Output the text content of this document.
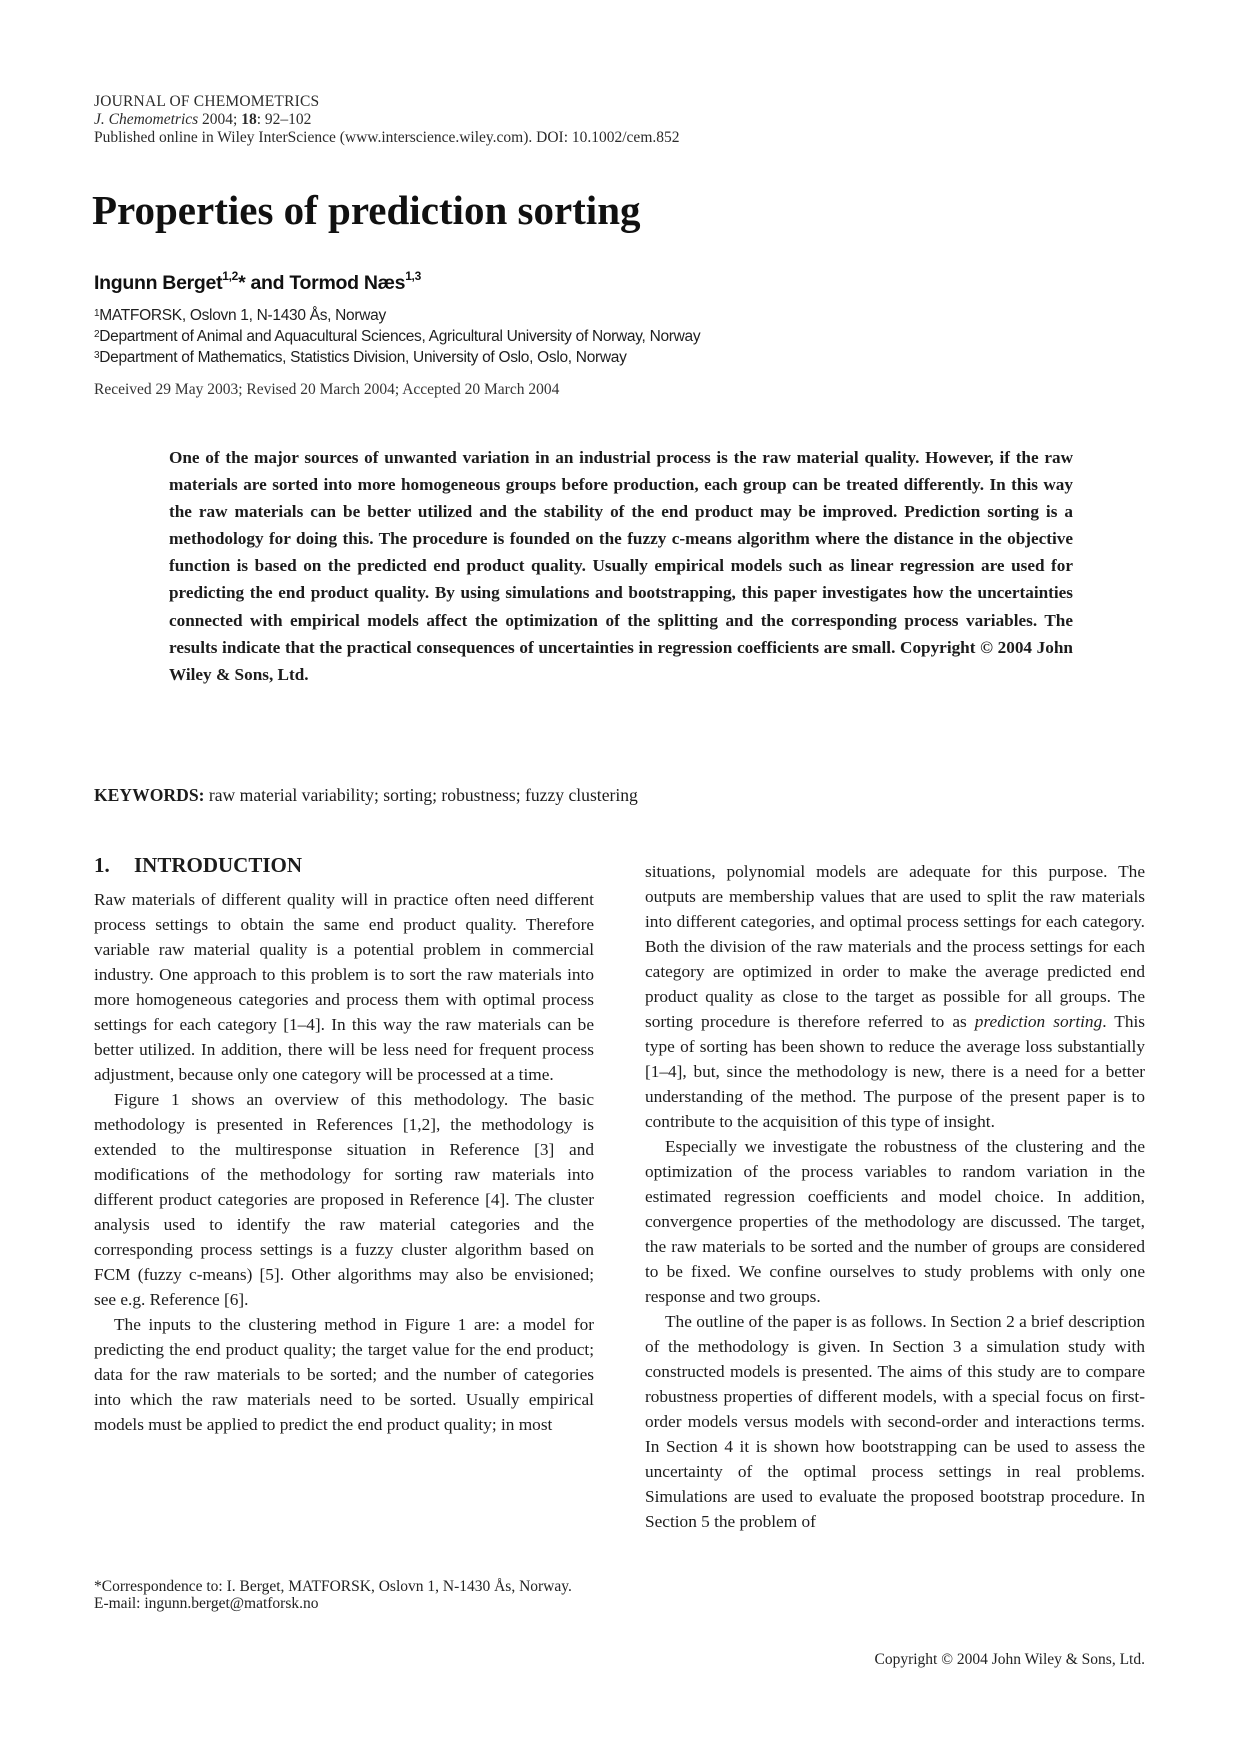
JOURNAL OF CHEMOMETRICS
J. Chemometrics 2004; 18: 92–102
Published online in Wiley InterScience (www.interscience.wiley.com). DOI: 10.1002/cem.852
Properties of prediction sorting
Ingunn Berget$^{1,2}$* and Tormod Næs$^{1,3}$
$^1$MATFORSK, Oslovn 1, N-1430 Ås, Norway
$^2$Department of Animal and Aquacultural Sciences, Agricultural University of Norway, Norway
$^3$Department of Mathematics, Statistics Division, University of Oslo, Oslo, Norway
Received 29 May 2003; Revised 20 March 2004; Accepted 20 March 2004

One of the major sources of unwanted variation in an industrial process is the raw material quality. However, if the raw materials are sorted into more homogeneous groups before production, each group can be treated differently. In this way the raw materials can be better utilized and the stability of the end product may be improved. Prediction sorting is a methodology for doing this. The procedure is founded on the fuzzy c-means algorithm where the distance in the objective function is based on the predicted end product quality. Usually empirical models such as linear regression are used for predicting the end product quality. By using simulations and bootstrapping, this paper investigates how the uncertainties connected with empirical models affect the optimization of the splitting and the corresponding process variables. The results indicate that the practical consequences of uncertainties in regression coefficients are small. Copyright © 2004 John Wiley & Sons, Ltd.

KEYWORDS: raw material variability; sorting; robustness; fuzzy clustering
1. INTRODUCTION

Raw materials of different quality will in practice often need different process settings to obtain the same end product quality. Therefore variable raw material quality is a potential problem in commercial industry. One approach to this problem is to sort the raw materials into more homogeneous categories and process them with optimal process settings for each category [1–4]. In this way the raw materials can be better utilized. In addition, there will be less need for frequent process adjustment, because only one category will be processed at a time.

Figure 1 shows an overview of this methodology. The basic methodology is presented in References [1,2], the methodology is extended to the multiresponse situation in Reference [3] and modifications of the methodology for sorting raw materials into different product categories are proposed in Reference [4]. The cluster analysis used to identify the raw material categories and the corresponding process settings is a fuzzy cluster algorithm based on FCM (fuzzy c-means) [5]. Other algorithms may also be envisioned; see e.g. Reference [6].

The inputs to the clustering method in Figure 1 are: a model for predicting the end product quality; the target value for the end product; data for the raw materials to be sorted; and the number of categories into which the raw materials need to be sorted. Usually empirical models must be applied to predict the end product quality; in most

situations, polynomial models are adequate for this purpose. The outputs are membership values that are used to split the raw materials into different categories, and optimal process settings for each category. Both the division of the raw materials and the process settings for each category are optimized in order to make the average predicted end product quality as close to the target as possible for all groups. The sorting procedure is therefore referred to as prediction sorting. This type of sorting has been shown to reduce the average loss substantially [1–4], but, since the methodology is new, there is a need for a better understanding of the method. The purpose of the present paper is to contribute to the acquisition of this type of insight.

Especially we investigate the robustness of the clustering and the optimization of the process variables to random variation in the estimated regression coefficients and model choice. In addition, convergence properties of the methodology are discussed. The target, the raw materials to be sorted and the number of groups are considered to be fixed. We confine ourselves to study problems with only one response and two groups.

The outline of the paper is as follows. In Section 2 a brief description of the methodology is given. In Section 3 a simulation study with constructed models is presented. The aims of this study are to compare robustness properties of different models, with a special focus on first-order models versus models with second-order and interactions terms. In Section 4 it is shown how bootstrapping can be used to assess the uncertainty of the optimal process settings in real problems. Simulations are used to evaluate the proposed bootstrap procedure. In Section 5 the problem of

*Correspondence to: I. Berget, MATFORSK, Oslovn 1, N-1430 Ås, Norway.
E-mail: ingunn.berget@matforsk.no
Copyright © 2004 John Wiley & Sons, Ltd.
